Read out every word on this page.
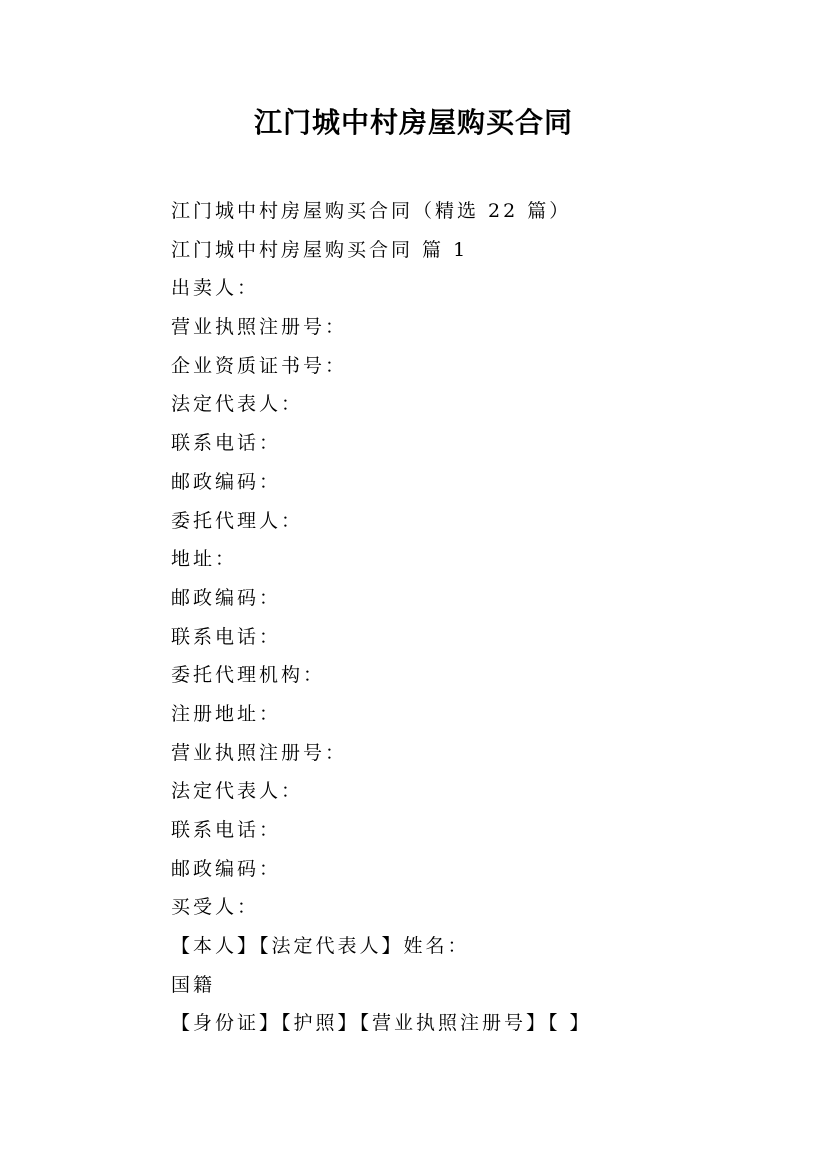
江门城中村房屋购买合同
江门城中村房屋购买合同（精选 22 篇）
江门城中村房屋购买合同 篇 1
出卖人：
营业执照注册号：
企业资质证书号：
法定代表人：
联系电话：
邮政编码：
委托代理人：
地址：
邮政编码：
联系电话：
委托代理机构：
注册地址：
营业执照注册号：
法定代表人：
联系电话：
邮政编码：
买受人：
【本人】【法定代表人】姓名：
国籍
【身份证】【护照】【营业执照注册号】【 】
